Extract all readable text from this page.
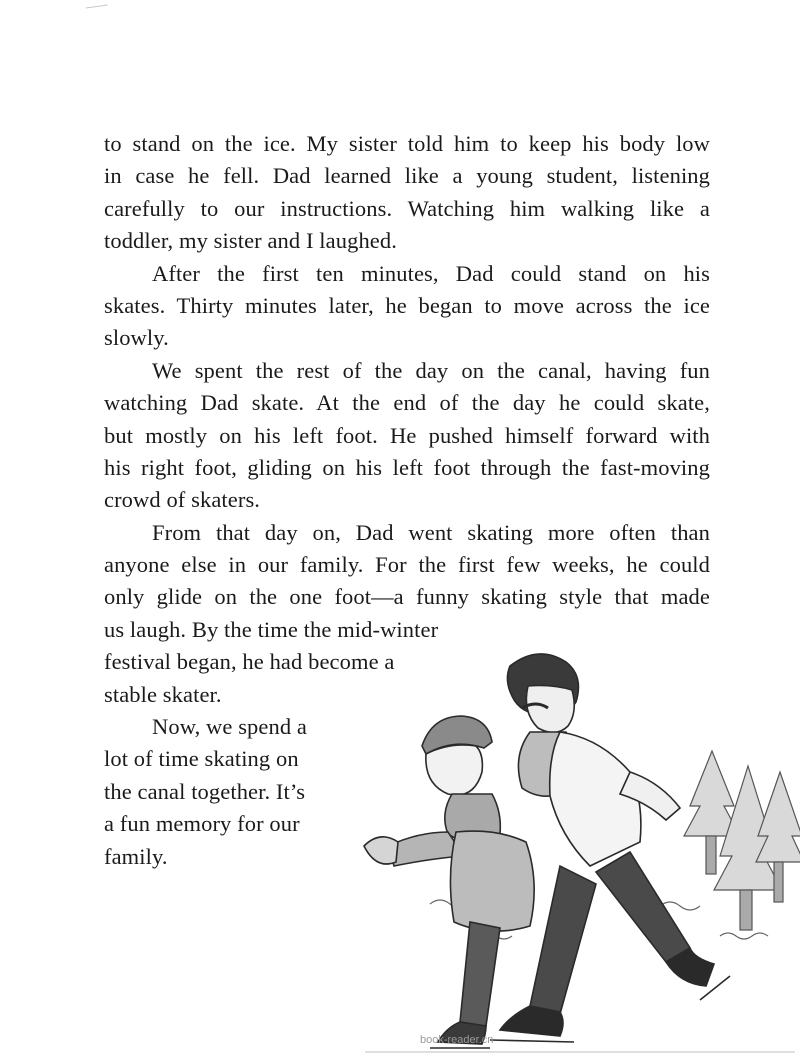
to stand on the ice. My sister told him to keep his body low
in case he fell. Dad learned like a young student, listening
carefully to our instructions. Watching him walking like a
toddler, my sister and I laughed.
After the first ten minutes, Dad could stand on his
skates. Thirty minutes later, he began to move across the ice
slowly.
We spent the rest of the day on the canal, having fun
watching Dad skate. At the end of the day he could skate,
but mostly on his left foot. He pushed himself forward with
his right foot, gliding on his left foot through the fast-moving
crowd of skaters.
From that day on, Dad went skating more often than
anyone else in our family. For the first few weeks, he could
only glide on the one foot—a funny skating style that made
us laugh. By the time the mid-winter
festival began, he had become a
stable skater.
Now, we spend a
lot of time skating on
the canal together. It’s
a fun memory for our
family.
book-reader.cn
